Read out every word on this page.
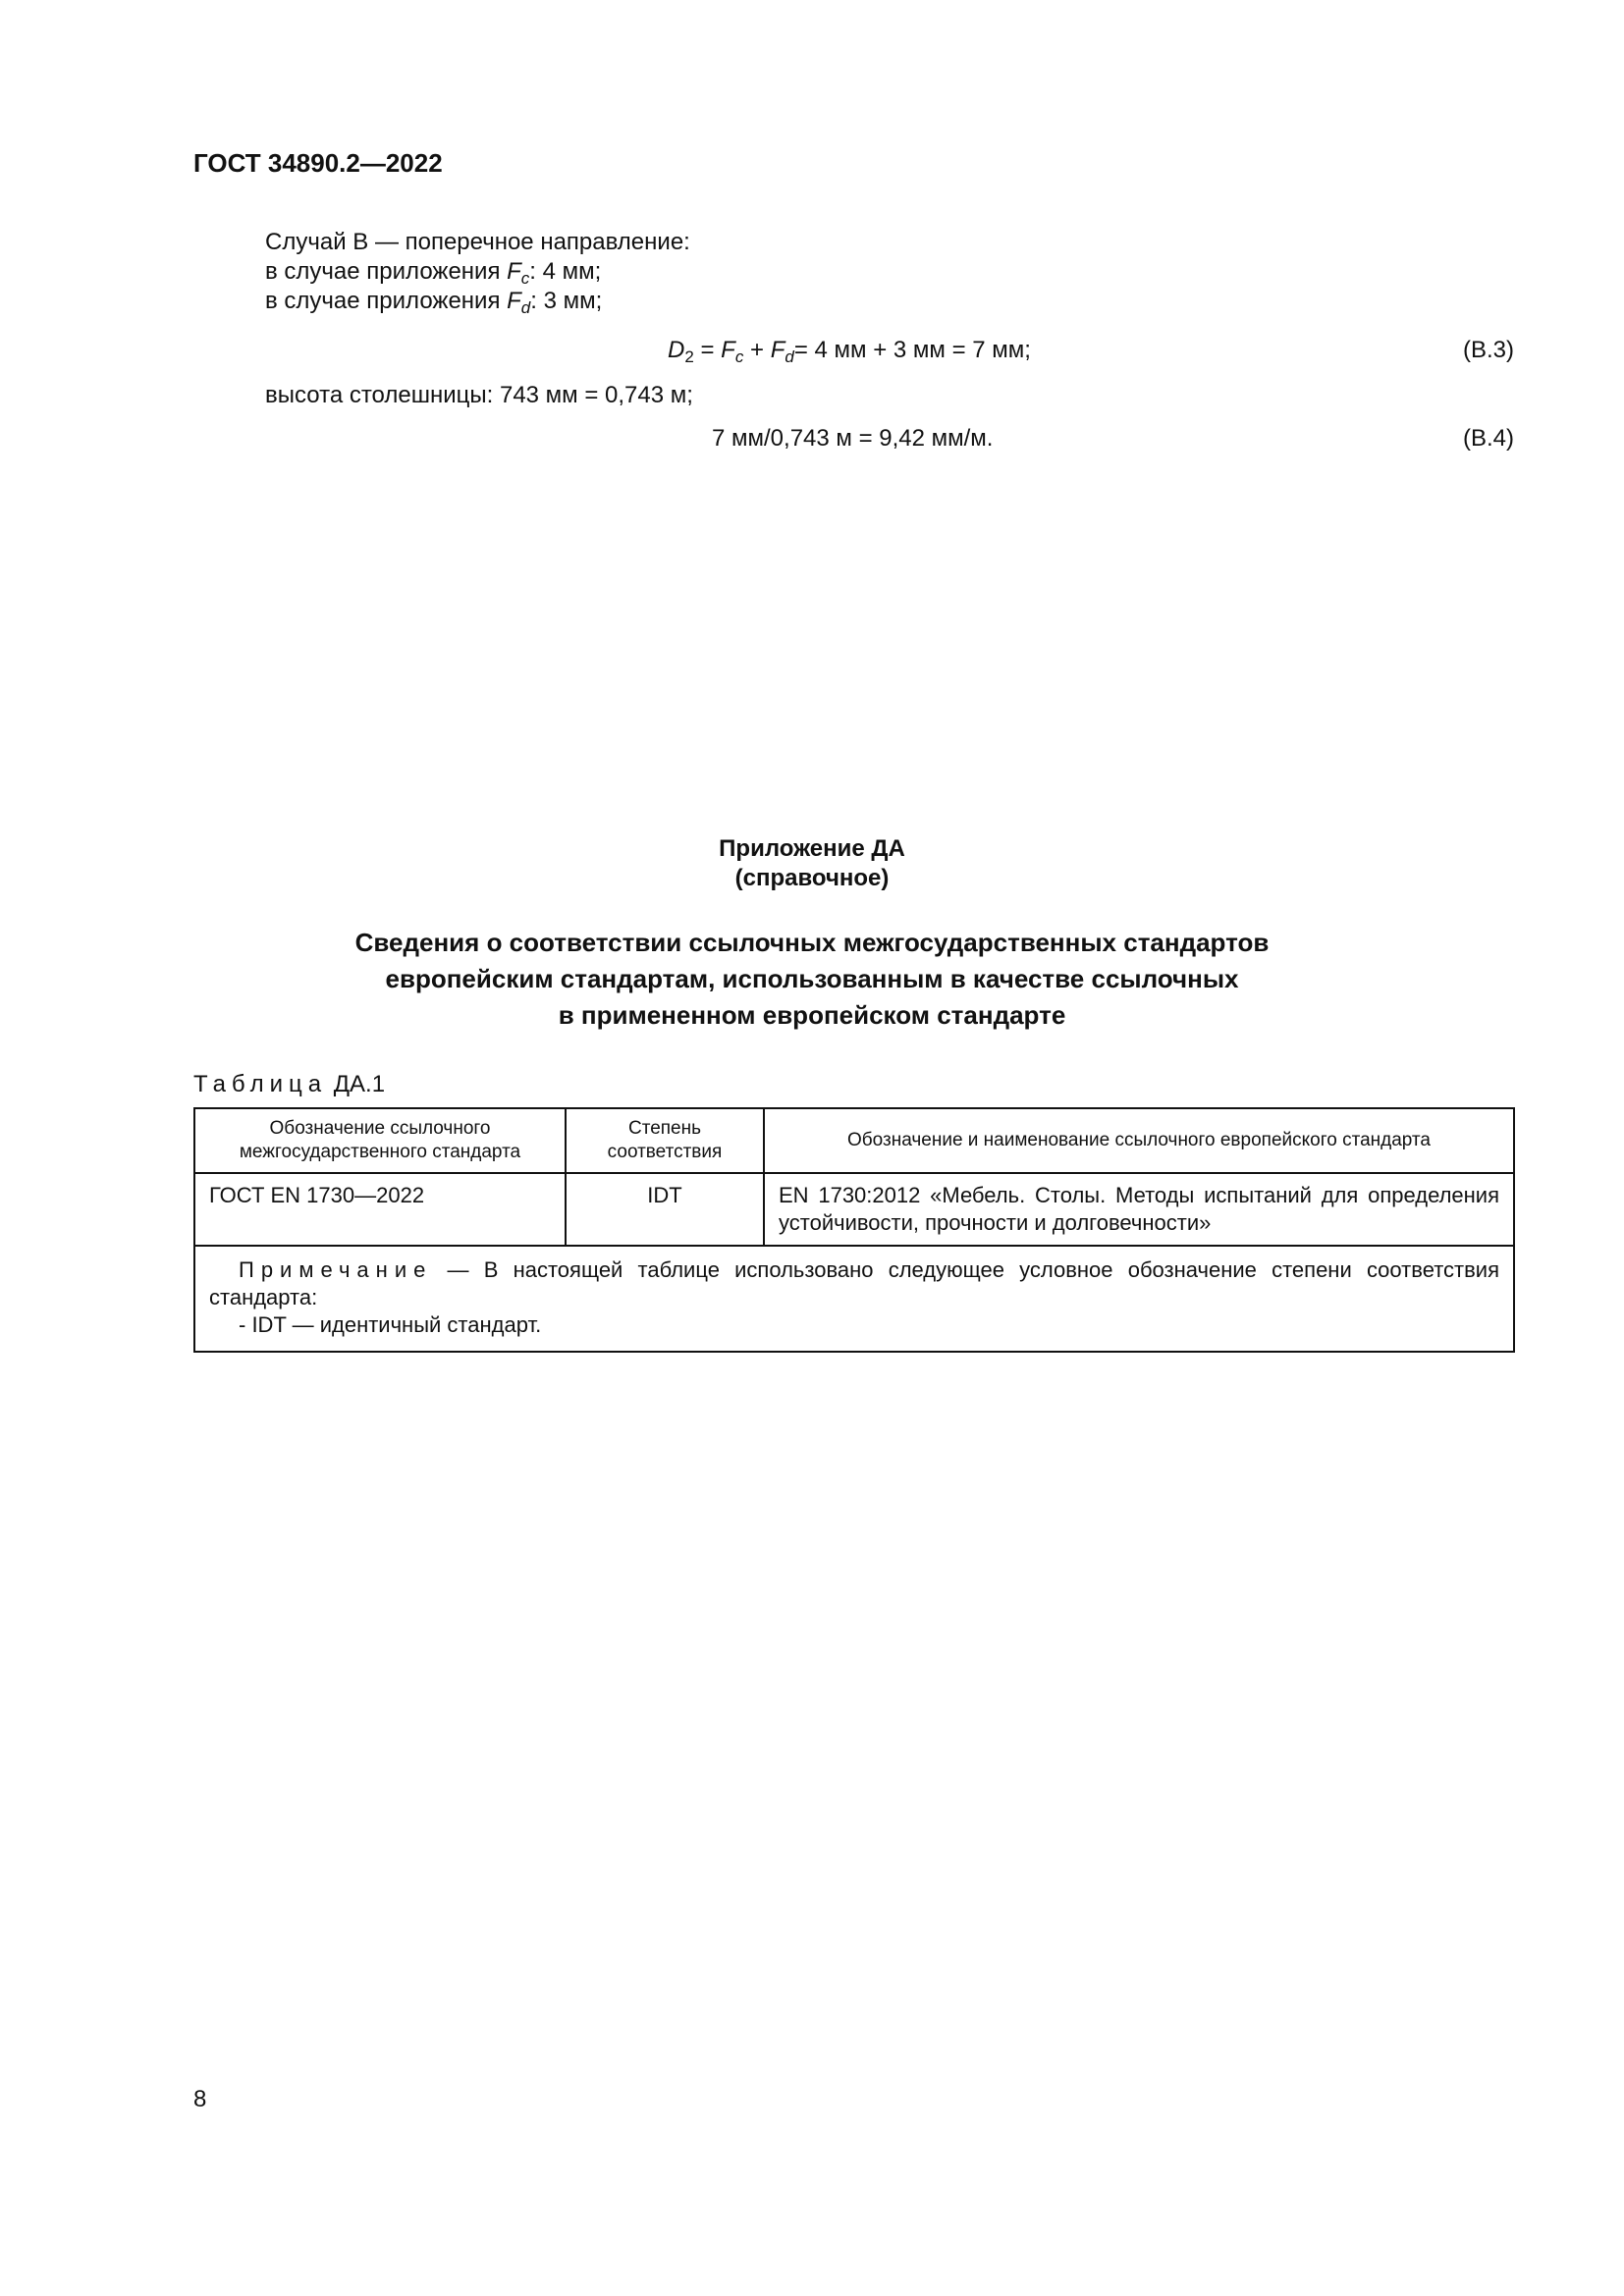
ГОСТ 34890.2—2022
Случай В — поперечное направление:
в случае приложения $F_c$: 4 мм;
в случае приложения $F_d$: 3 мм;
$D_2 = F_c + F_d= 4$ мм + 3 мм = 7 мм;	(В.3)
высота столешницы: 743 мм = 0,743 м;
7 мм/0,743 м = 9,42 мм/м.	(В.4)
Приложение ДА
(справочное)
Сведения о соответствии ссылочных межгосударственных стандартов
европейским стандартам, использованным в качестве ссылочных
в примененном европейском стандарте
Таблица ДА.1
Обозначение ссылочного межгосударственного стандарта	Степень соответствия	Обозначение и наименование ссылочного европейского стандарта
ГОСТ EN 1730—2022	IDT	EN 1730:2012 «Мебель. Столы. Методы испытаний для определения устойчивости, прочности и долговечности»
Примечание — В настоящей таблице использовано следующее условное обозначение степени соответствия стандарта:
- IDT — идентичный стандарт.		
8
